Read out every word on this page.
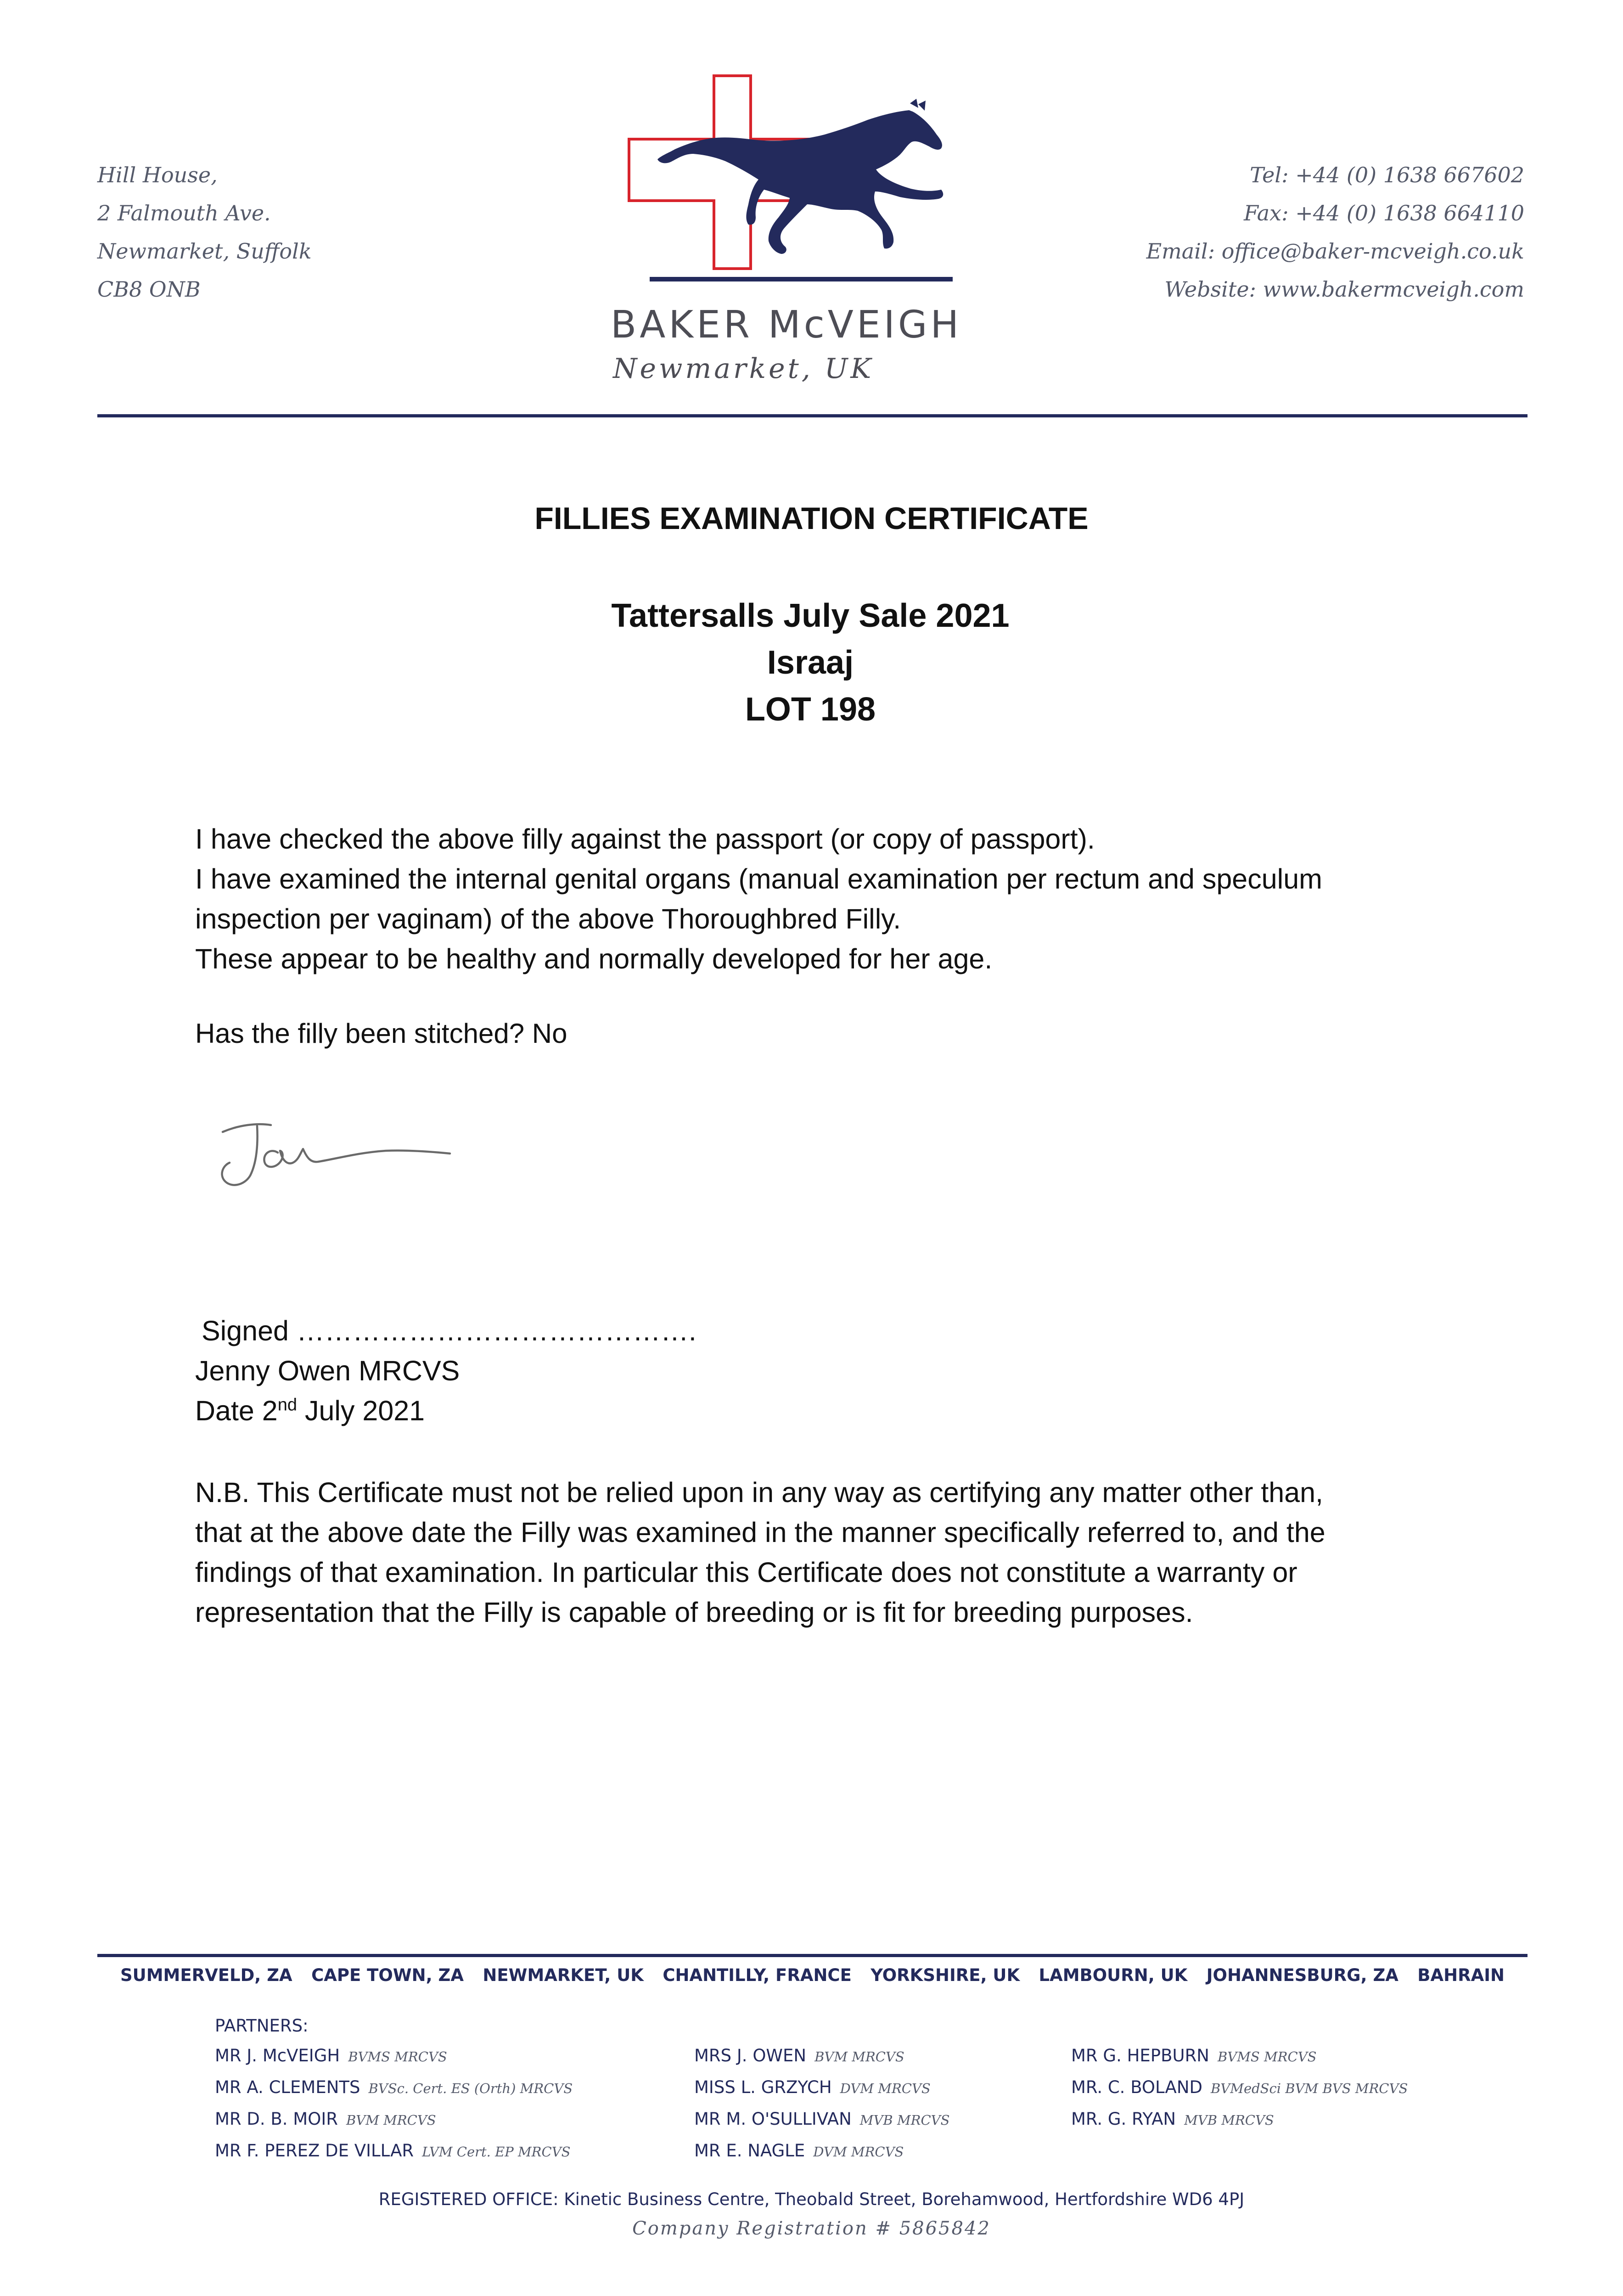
Hill House,
2 Falmouth Ave.
Newmarket, Suffolk
CB8 ONB
BAKER McVEIGH
Newmarket, UK
Tel: +44 (0) 1638 667602
Fax: +44 (0) 1638 664110
Email: office@baker-mcveigh.co.uk
Website: www.bakermcveigh.com
FILLIES EXAMINATION CERTIFICATE
Tattersalls July Sale 2021
Israaj
LOT 198
I have checked the above filly against the passport (or copy of passport).
I have examined the internal genital organs (manual examination per rectum and speculum
inspection per vaginam) of the above Thoroughbred Filly.
These appear to be healthy and normally developed for her age.
Has the filly been stitched? No
Signed …………………………………….
Jenny Owen MRCVS
Date 2nd July 2021
N.B. This Certificate must not be relied upon in any way as certifying any matter other than,
that at the above date the Filly was examined in the manner specifically referred to, and the
findings of that examination. In particular this Certificate does not constitute a warranty or
representation that the Filly is capable of breeding or is fit for breeding purposes.
SUMMERVELD, ZA CAPE TOWN, ZA NEWMARKET, UK CHANTILLY, FRANCE YORKSHIRE, UK LAMBOURN, UK JOHANNESBURG, ZA BAHRAIN
PARTNERS:
MR J. McVEIGH BVMS MRCVS
MR A. CLEMENTS BVSc. Cert. ES (Orth) MRCVS
MR D. B. MOIR BVM MRCVS
MR F. PEREZ DE VILLAR LVM Cert. EP MRCVS
MRS J. OWEN BVM MRCVS
MISS L. GRZYCH DVM MRCVS
MR M. O'SULLIVAN MVB MRCVS
MR E. NAGLE DVM MRCVS
MR G. HEPBURN BVMS MRCVS
MR. C. BOLAND BVMedSci BVM BVS MRCVS
MR. G. RYAN MVB MRCVS
REGISTERED OFFICE: Kinetic Business Centre, Theobald Street, Borehamwood, Hertfordshire WD6 4PJ
Company Registration # 5865842
